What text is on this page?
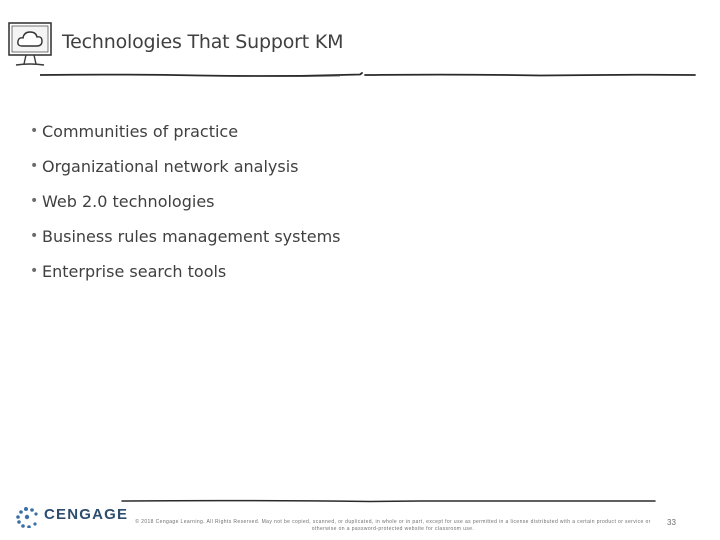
Technologies That Support KM
• Communities of practice
• Organizational network analysis
• Web 2.0 technologies
• Business rules management systems
• Enterprise search tools
CENGAGE	© 2018 Cengage Learning. All Rights Reserved. May not be copied, scanned, or duplicated, in whole or in part, except for use as permitted in a license distributed with a certain product or service or otherwise on a password-protected website for classroom use.
33
